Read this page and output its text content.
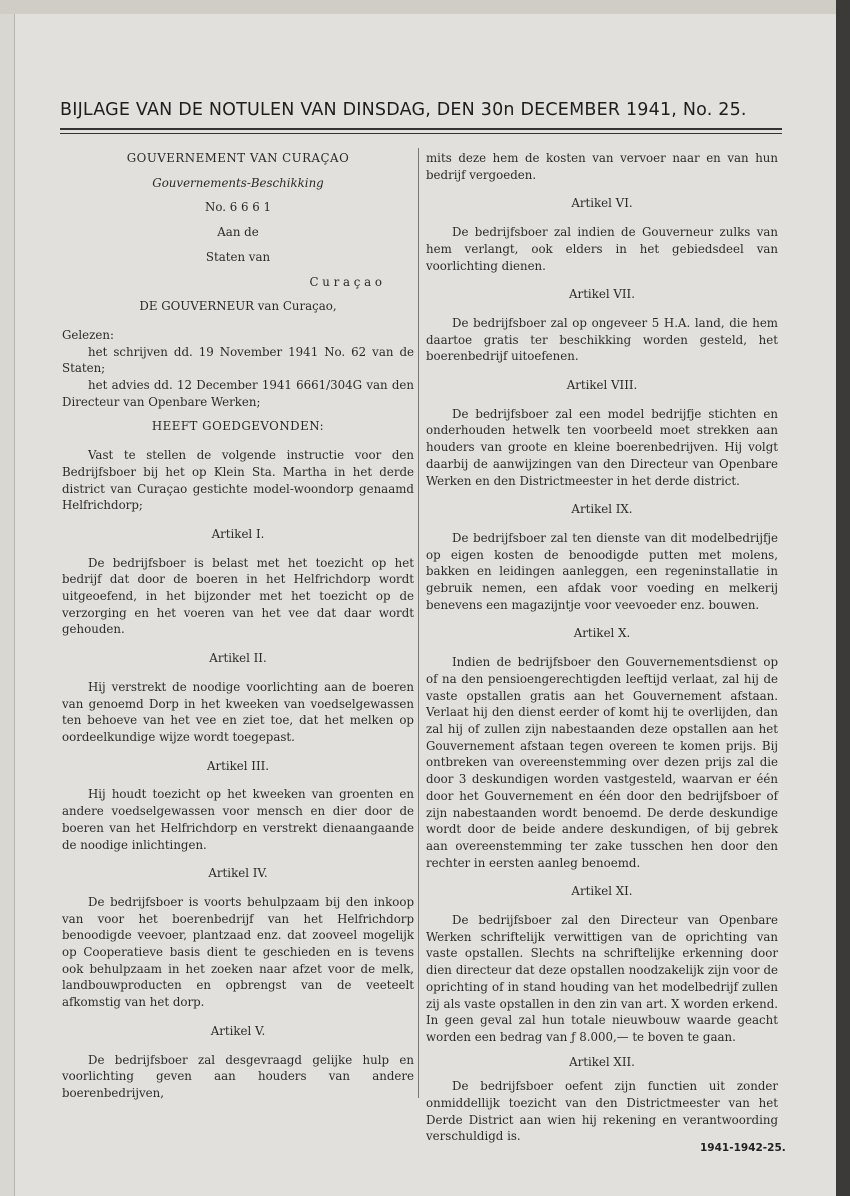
BIJLAGE VAN DE NOTULEN VAN DINSDAG, DEN 30n DECEMBER 1941, No. 25.
GOUVERNEMENT VAN CURAÇAO
Gouvernements-Beschikking
No. 6 6 6 1
Aan de
Staten van
C u r a ç a o
DE GOUVERNEUR van Curaçao,
Gelezen:
het schrijven dd. 19 November 1941 No. 62 van de Staten;
het advies dd. 12 December 1941 6661/304G van den Directeur van Openbare Werken;
HEEFT GOEDGEVONDEN:
Vast te stellen de volgende instructie voor den Bedrijfsboer bij het op Klein Sta. Martha in het derde district van Curaçao gestichte model-woondorp genaamd Helfrichdorp;
Artikel I.
De bedrijfsboer is belast met het toezicht op het bedrijf dat door de boeren in het Helfrichdorp wordt uitgeoefend, in het bijzonder met het toezicht op de verzorging en het voeren van het vee dat daar wordt gehouden.
Artikel II.
Hij verstrekt de noodige voorlichting aan de boeren van genoemd Dorp in het kweeken van voedselgewassen ten behoeve van het vee en ziet toe, dat het melken op oordeelkundige wijze wordt toegepast.
Artikel III.
Hij houdt toezicht op het kweeken van groenten en andere voedselgewassen voor mensch en dier door de boeren van het Helfrichdorp en verstrekt dienaangaande de noodige inlichtingen.
Artikel IV.
De bedrijfsboer is voorts behulpzaam bij den inkoop van voor het boerenbedrijf van het Helfrichdorp benoodigde veevoer, plantzaad enz. dat zooveel mogelijk op Cooperatieve basis dient te geschieden en is tevens ook behulpzaam in het zoeken naar afzet voor de melk, landbouwproducten en opbrengst van de veeteelt afkomstig van het dorp.
Artikel V.
De bedrijfsboer zal desgevraagd gelijke hulp en voorlichting geven aan houders van andere boerenbedrijven,
mits deze hem de kosten van vervoer naar en van hun bedrijf vergoeden.
Artikel VI.
De bedrijfsboer zal indien de Gouverneur zulks van hem verlangt, ook elders in het gebiedsdeel van voorlichting dienen.
Artikel VII.
De bedrijfsboer zal op ongeveer 5 H.A. land, die hem daartoe gratis ter beschikking worden gesteld, het boerenbedrijf uitoefenen.
Artikel VIII.
De bedrijfsboer zal een model bedrijfje stichten en onderhouden hetwelk ten voorbeeld moet strekken aan houders van groote en kleine boerenbedrijven. Hij volgt daarbij de aanwijzingen van den Directeur van Openbare Werken en den Districtmeester in het derde district.
Artikel IX.
De bedrijfsboer zal ten dienste van dit modelbedrijfje op eigen kosten de benoodigde putten met molens, bakken en leidingen aanleggen, een regeninstallatie in gebruik nemen, een afdak voor voeding en melkerij benevens een magazijntje voor veevoeder enz. bouwen.
Artikel X.
Indien de bedrijfsboer den Gouvernementsdienst op of na den pensioengerechtigden leeftijd verlaat, zal hij de vaste opstallen gratis aan het Gouvernement afstaan. Verlaat hij den dienst eerder of komt hij te overlijden, dan zal hij of zullen zijn nabestaanden deze opstallen aan het Gouvernement afstaan tegen overeen te komen prijs. Bij ontbreken van overeenstemming over dezen prijs zal die door 3 deskundigen worden vastgesteld, waarvan er één door het Gouvernement en één door den bedrijfsboer of zijn nabestaanden wordt benoemd. De derde deskundige wordt door de beide andere deskundigen, of bij gebrek aan overeenstemming ter zake tusschen hen door den rechter in eersten aanleg benoemd.
Artikel XI.
De bedrijfsboer zal den Directeur van Openbare Werken schriftelijk verwittigen van de oprichting van vaste opstallen. Slechts na schriftelijke erkenning door dien directeur dat deze opstallen noodzakelijk zijn voor de oprichting of in stand houding van het modelbedrijf zullen zij als vaste opstallen in den zin van art. X worden erkend. In geen geval zal hun totale nieuwbouw waarde geacht worden een bedrag van ƒ 8.000,— te boven te gaan.
Artikel XII.
De bedrijfsboer oefent zijn functien uit zonder onmiddellijk toezicht van den Districtmeester van het Derde District aan wien hij rekening en verantwoording verschuldigd is.
1941-1942-25.
